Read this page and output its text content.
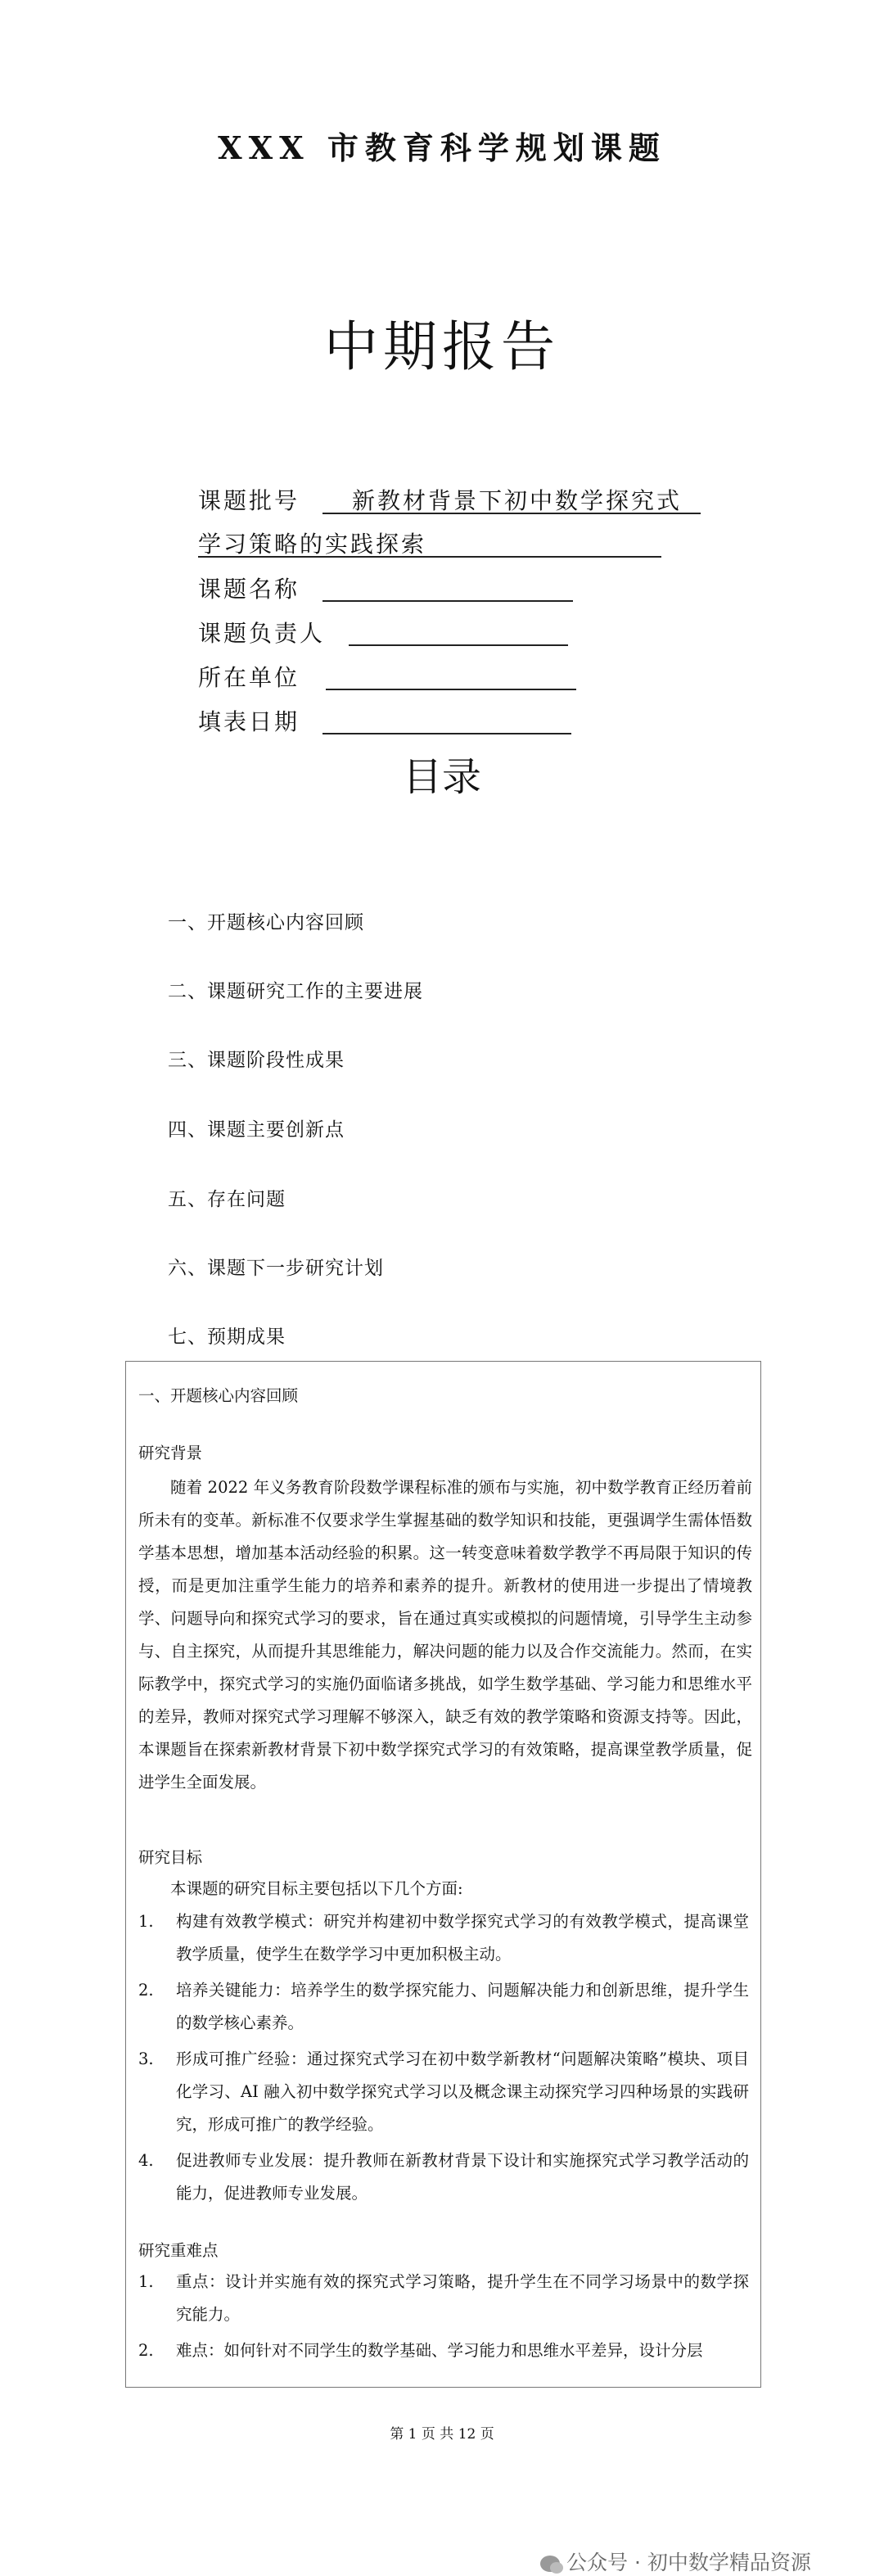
XXX 市教育科学规划课题
中期报告
课题批号 新教材背景下初中数学探究式
学习策略的实践探索
课题名称
课题负责人
所在单位
填表日期
目录
一、开题核心内容回顾
二、课题研究工作的主要进展
三、课题阶段性成果
四、课题主要创新点
五、存在问题
六、课题下一步研究计划
七、预期成果
一、开题核心内容回顾
研究背景
随着 2022 年义务教育阶段数学课程标准的颁布与实施，初中数学教育正经历着前所未有的变革。新标准不仅要求学生掌握基础的数学知识和技能，更强调学生需体悟数学基本思想，增加基本活动经验的积累。这一转变意味着数学教学不再局限于知识的传授，而是更加注重学生能力的培养和素养的提升。新教材的使用进一步提出了情境教学、问题导向和探究式学习的要求，旨在通过真实或模拟的问题情境，引导学生主动参与、自主探究，从而提升其思维能力，解决问题的能力以及合作交流能力。然而，在实际教学中，探究式学习的实施仍面临诸多挑战，如学生数学基础、学习能力和思维水平的差异，教师对探究式学习理解不够深入，缺乏有效的教学策略和资源支持等。因此，本课题旨在探索新教材背景下初中数学探究式学习的有效策略，提高课堂教学质量，促进学生全面发展。
研究目标
本课题的研究目标主要包括以下几个方面:
1. 构建有效教学模式：研究并构建初中数学探究式学习的有效教学模式，提高课堂教学质量，使学生在数学学习中更加积极主动。
2. 培养关键能力：培养学生的数学探究能力、问题解决能力和创新思维，提升学生的数学核心素养。
3. 形成可推广经验：通过探究式学习在初中数学新教材“问题解决策略”模块、项目化学习、AI 融入初中数学探究式学习以及概念课主动探究学习四种场景的实践研究，形成可推广的教学经验。
4. 促进教师专业发展：提升教师在新教材背景下设计和实施探究式学习教学活动的能力，促进教师专业发展。
研究重难点
1. 重点：设计并实施有效的探究式学习策略，提升学生在不同学习场景中的数学探究能力。
2. 难点：如何针对不同学生的数学基础、学习能力和思维水平差异，设计分层
第 1 页 共 12 页
公众号 · 初中数学精品资源
